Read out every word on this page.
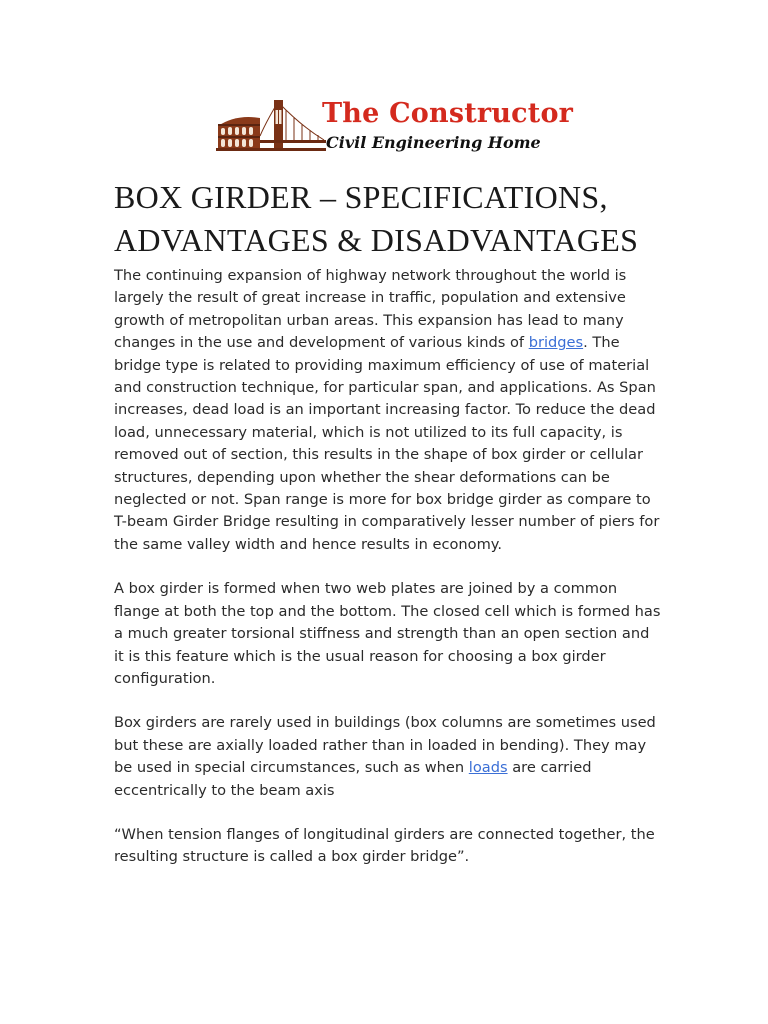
The Constructor
Civil Engineering Home
BOX GIRDER – SPECIFICATIONS, ADVANTAGES & DISADVANTAGES

The continuing expansion of highway network throughout the world is largely the result of great increase in traffic, population and extensive growth of metropolitan urban areas. This expansion has lead to many changes in the use and development of various kinds of bridges. The bridge type is related to providing maximum efficiency of use of material and construction technique, for particular span, and applications. As Span increases, dead load is an important increasing factor. To reduce the dead load, unnecessary material, which is not utilized to its full capacity, is removed out of section, this results in the shape of box girder or cellular structures, depending upon whether the shear deformations can be neglected or not. Span range is more for box bridge girder as compare to T-beam Girder Bridge resulting in comparatively lesser number of piers for the same valley width and hence results in economy.

A box girder is formed when two web plates are joined by a common flange at both the top and the bottom. The closed cell which is formed has a much greater torsional stiffness and strength than an open section and it is this feature which is the usual reason for choosing a box girder configuration.

Box girders are rarely used in buildings (box columns are sometimes used but these are axially loaded rather than in loaded in bending). They may be used in special circumstances, such as when loads are carried eccentrically to the beam axis

“When tension flanges of longitudinal girders are connected together, the resulting structure is called a box girder bridge”.
